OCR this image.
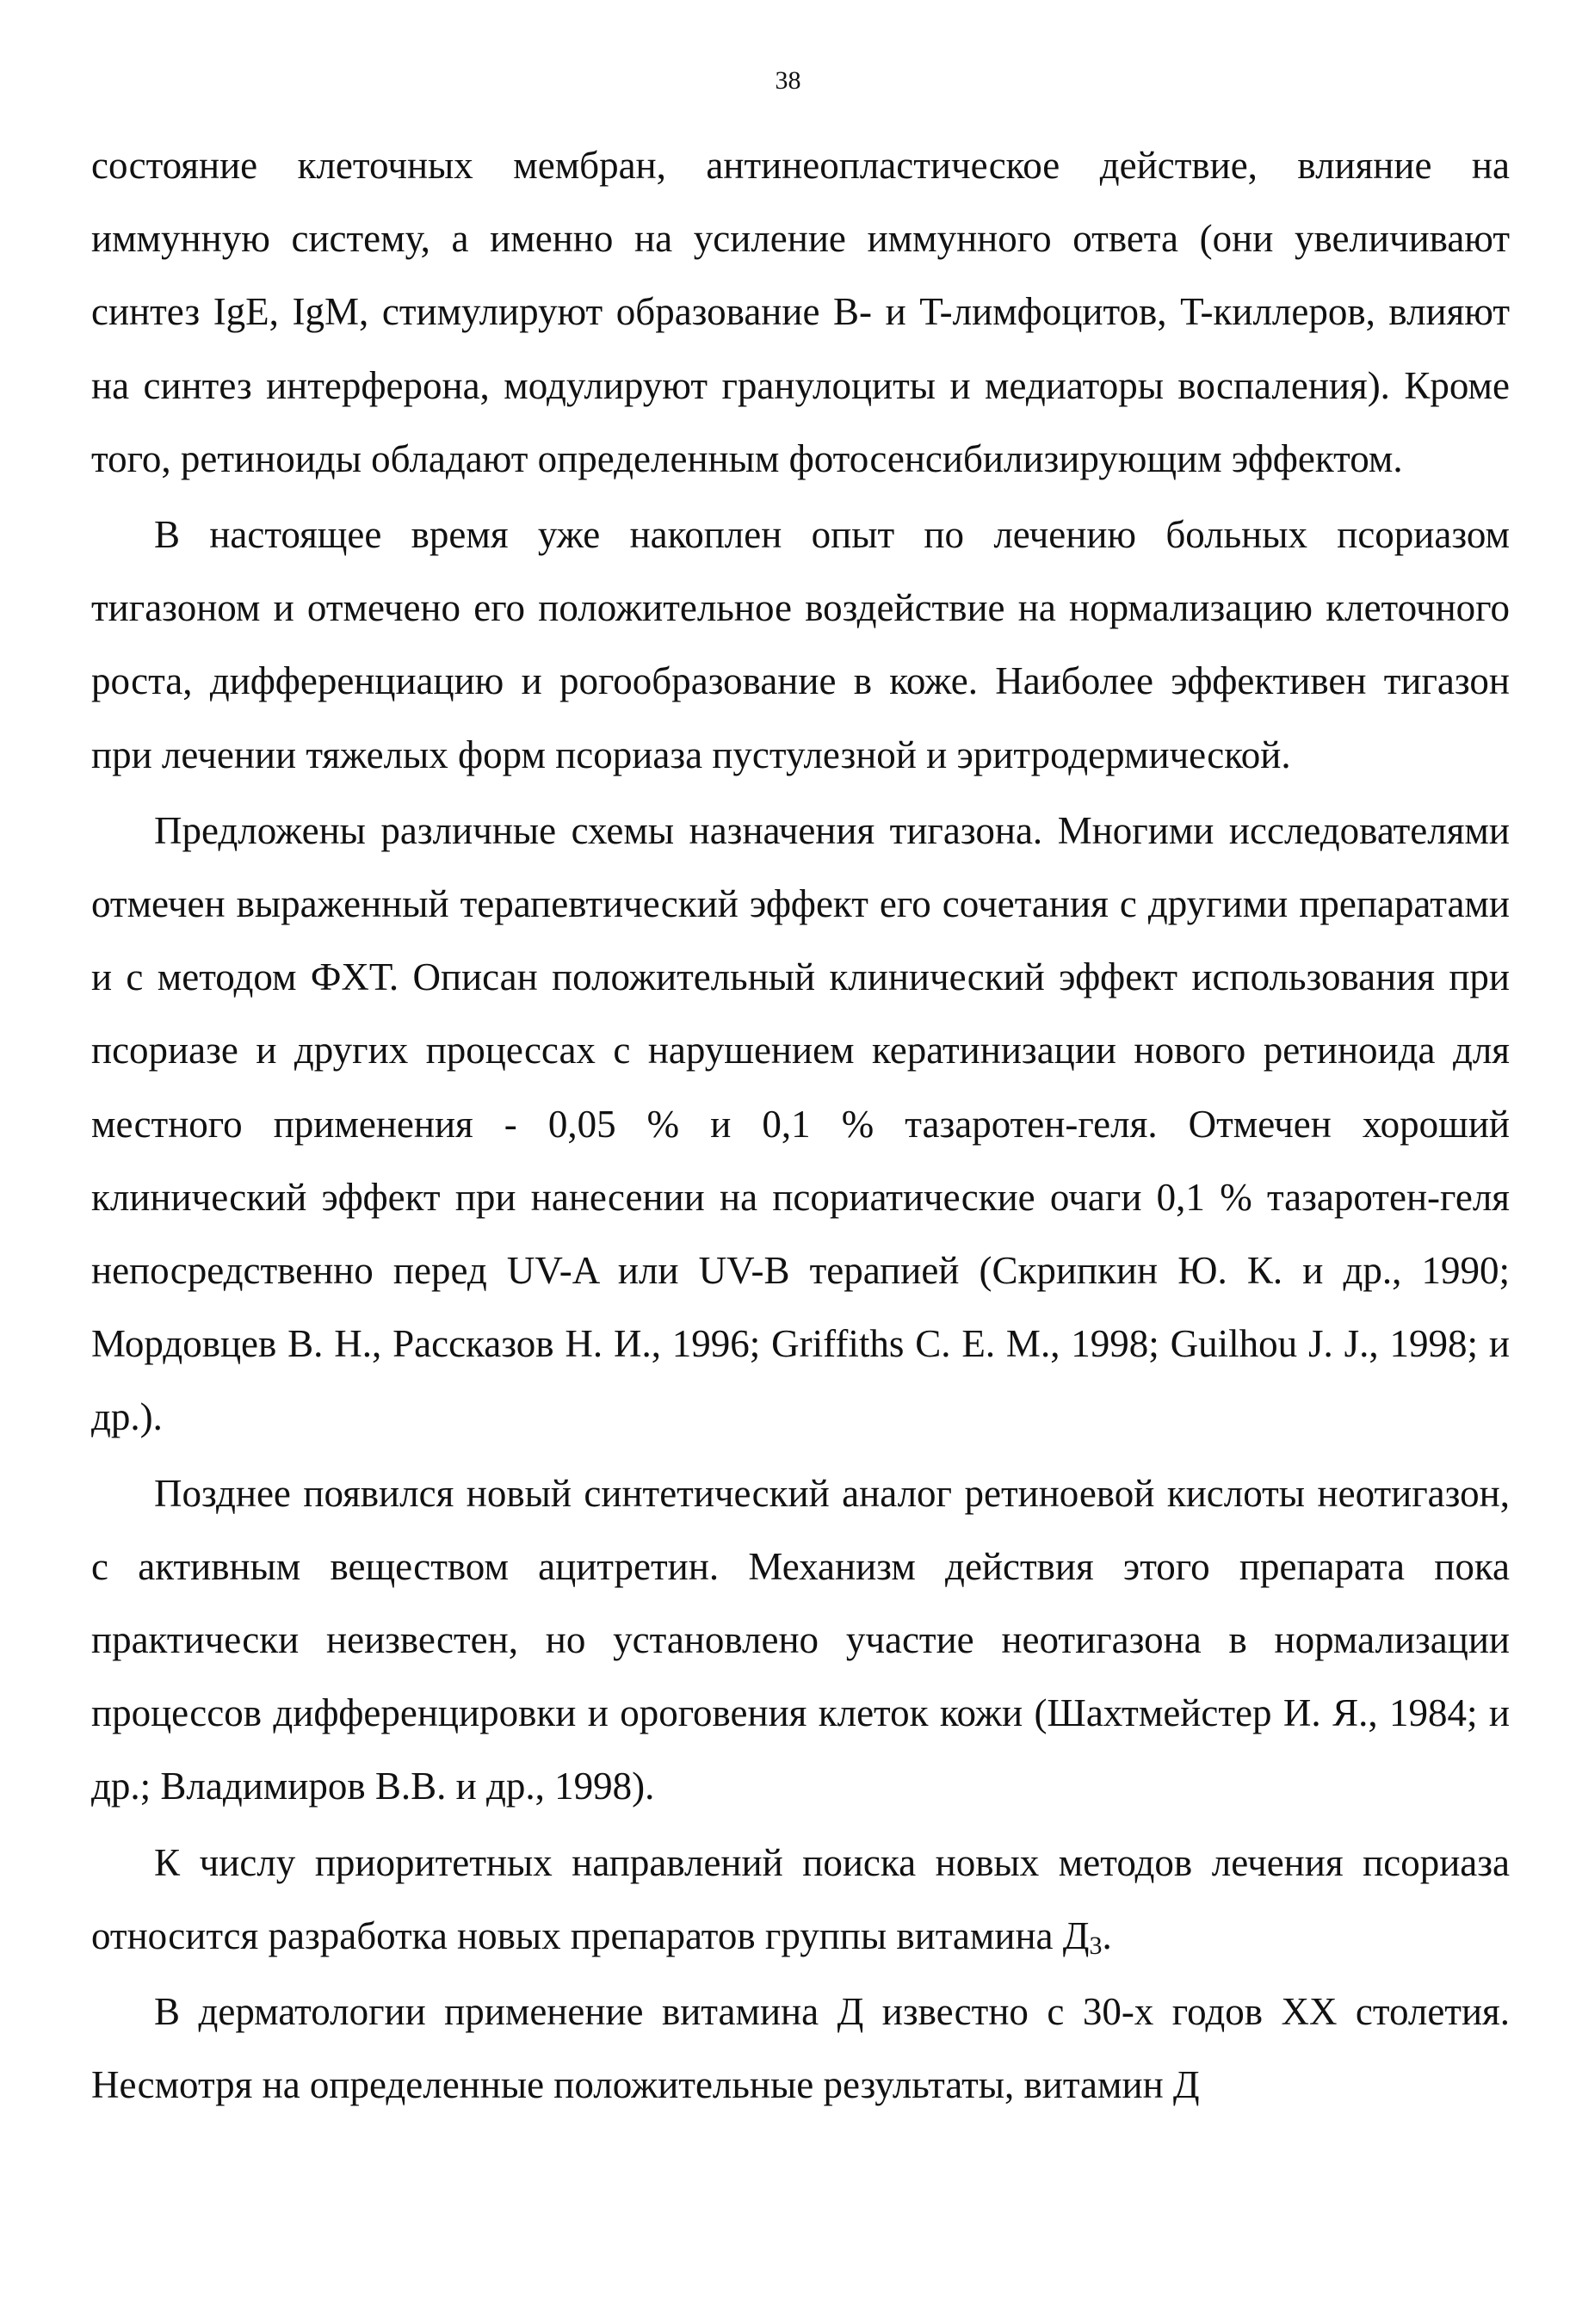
38

состояние клеточных мембран, антинеопластическое действие, влияние на иммунную систему, а именно на усиление иммунного ответа (они увеличивают синтез IgE, IgM, стимулируют образование B- и T-лимфоцитов, T-киллеров, влияют на синтез интерферона, модулируют гранулоциты и медиаторы воспаления). Кроме того, ретиноиды обладают определенным фотосенсибилизирующим эффектом.

В настоящее время уже накоплен опыт по лечению больных псориазом тигазоном и отмечено его положительное воздействие на нормализацию клеточного роста, дифференциацию и рогообразование в коже. Наиболее эффективен тигазон при лечении тяжелых форм псориаза пустулезной и эритродермической.

Предложены различные схемы назначения тигазона. Многими исследователями отмечен выраженный терапевтический эффект его сочетания с другими препаратами и с методом ФХТ. Описан положительный клинический эффект использования при псориазе и других процессах с нарушением кератинизации нового ретиноида для местного применения - 0,05 % и 0,1 % тазаротен-геля. Отмечен хороший клинический эффект при нанесении на псориатические очаги 0,1 % тазаротен-геля непосредственно перед UV-A или UV-B терапией (Скрипкин Ю. К. и др., 1990; Мордовцев В. Н., Рассказов Н. И., 1996; Griffiths C. E. M., 1998; Guilhou J. J., 1998; и др.).

Позднее появился новый синтетический аналог ретиноевой кислоты неотигазон, с активным веществом ацитретин. Механизм действия этого препарата пока практически неизвестен, но установлено участие неотигазона в нормализации процессов дифференцировки и ороговения клеток кожи (Шахтмейстер И. Я., 1984; и др.; Владимиров В.В. и др., 1998).

К числу приоритетных направлений поиска новых методов лечения псориаза относится разработка новых препаратов группы витамина $Д_3$.

В дерматологии применение витамина Д известно с 30-х годов XX столетия. Несмотря на определенные положительные результаты, витамин Д
